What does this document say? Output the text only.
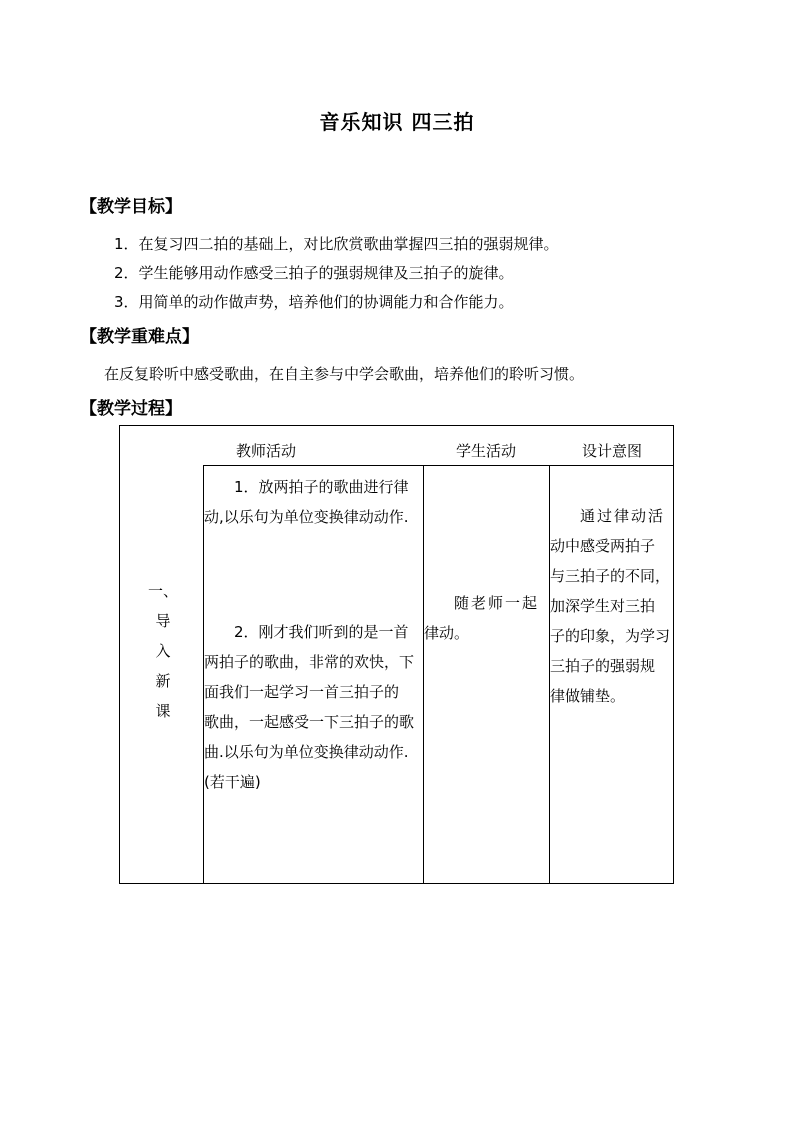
音乐知识 四三拍
【教学目标】
1．在复习四二拍的基础上，对比欣赏歌曲掌握四三拍的强弱规律。
2．学生能够用动作感受三拍子的强弱规律及三拍子的旋律。
3．用简单的动作做声势，培养他们的协调能力和合作能力。
【教学重难点】
在反复聆听中感受歌曲，在自主参与中学会歌曲，培养他们的聆听习惯。
【教学过程】
教师活动	学生活动	设计意图
一、
导
入
新
课
1．放两拍子的歌曲进行律
动,以乐句为单位变换律动动作.
2．刚才我们听到的是一首
两拍子的歌曲，非常的欢快，下
面我们一起学习一首三拍子的
歌曲，一起感受一下三拍子的歌
曲.以乐句为单位变换律动动作.
(若干遍)
随老师一起
律动。
通过律动活
动中感受两拍子
与三拍子的不同，
加深学生对三拍
子的印象，为学习
三拍子的强弱规
律做铺垫。
